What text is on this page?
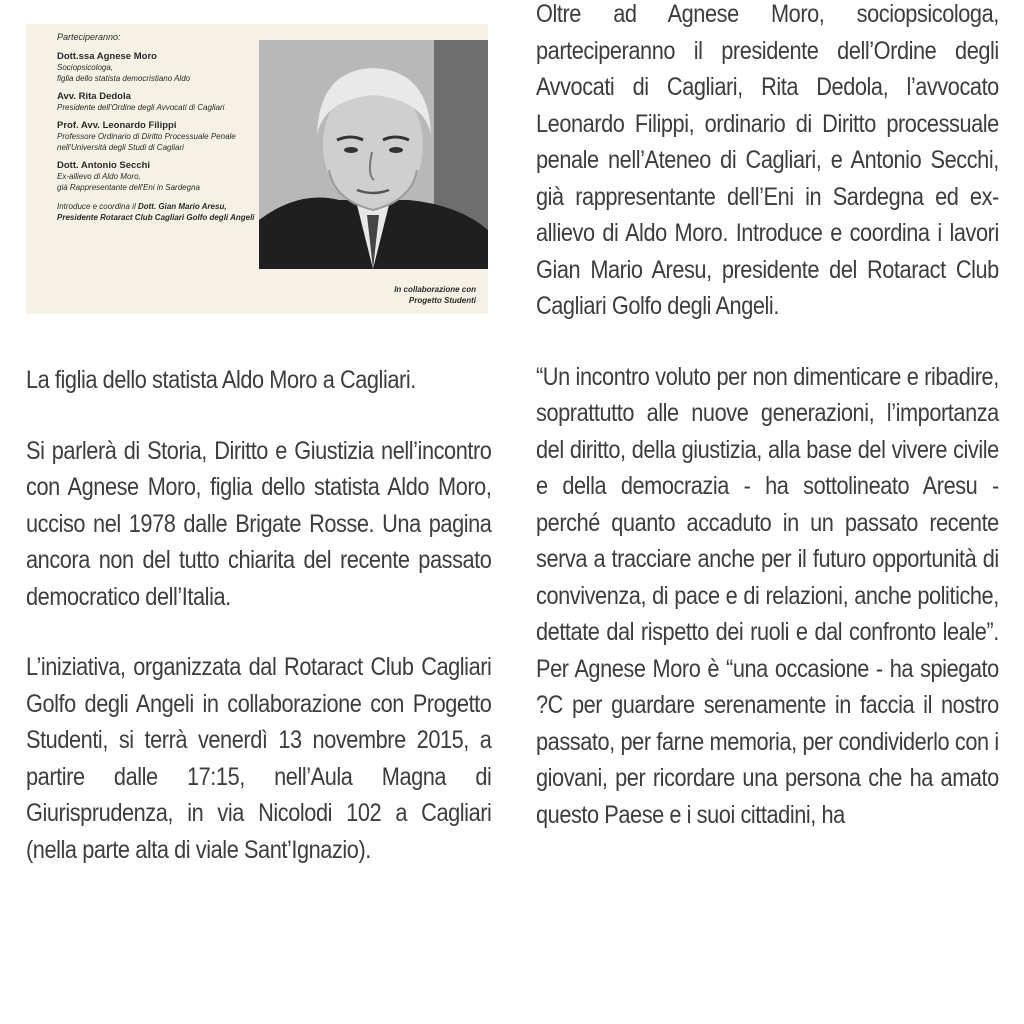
Parteciperanno:
Dott.ssa Agnese Moro
Sociopsicologa,
figlia dello statista democristiano Aldo
Avv. Rita Dedola
Presidente dell'Ordine degli Avvocati di Cagliari
Prof. Avv. Leonardo Filippi
Professore Ordinario di Diritto Processuale Penale
nell'Università degli Studi di Cagliari
Dott. Antonio Secchi
Ex-allievo di Aldo Moro,
già Rappresentante dell'Eni in Sardegna
Introduce e coordina il Dott. Gian Mario Aresu,
Presidente Rotaract Club Cagliari Golfo degli Angeli
In collaborazione con
Progetto Studenti

La figlia dello statista Aldo Moro a Cagliari.

Si parlerà di Storia, Diritto e Giustizia nell’incontro con Agnese Moro, figlia dello statista Aldo Moro, ucciso nel 1978 dalle Brigate Rosse. Una pagina ancora non del tutto chiarita del recente passato democratico dell’Italia.

L’iniziativa, organizzata dal Rotaract Club Cagliari Golfo degli Angeli in collaborazione con Progetto Studenti, si terrà venerdì 13 novembre 2015, a partire dalle 17:15, nell’Aula Magna di Giurisprudenza, in via Nicolodi 102 a Cagliari (nella parte alta di viale Sant’Ignazio).

Oltre ad Agnese Moro, sociopsicologa, parteciperanno il presidente dell’Ordine degli Avvocati di Cagliari, Rita Dedola, l’avvocato Leonardo Filippi, ordinario di Diritto processuale penale nell’Ateneo di Cagliari, e Antonio Secchi, già rappresentante dell’Eni in Sardegna ed ex-allievo di Aldo Moro. Introduce e coordina i lavori Gian Mario Aresu, presidente del Rotaract Club Cagliari Golfo degli Angeli.

“Un incontro voluto per non dimenticare e ribadire, soprattutto alle nuove generazioni, l’importanza del diritto, della giustizia, alla base del vivere civile e della democrazia - ha sottolineato Aresu - perché quanto accaduto in un passato recente serva a tracciare anche per il futuro opportunità di convivenza, di pace e di relazioni, anche politiche, dettate dal rispetto dei ruoli e dal confronto leale”. Per Agnese Moro è “una occasione - ha spiegato ?C per guardare serenamente in faccia il nostro passato, per farne memoria, per condividerlo con i giovani, per ricordare una persona che ha amato questo Paese e i suoi cittadini, ha
